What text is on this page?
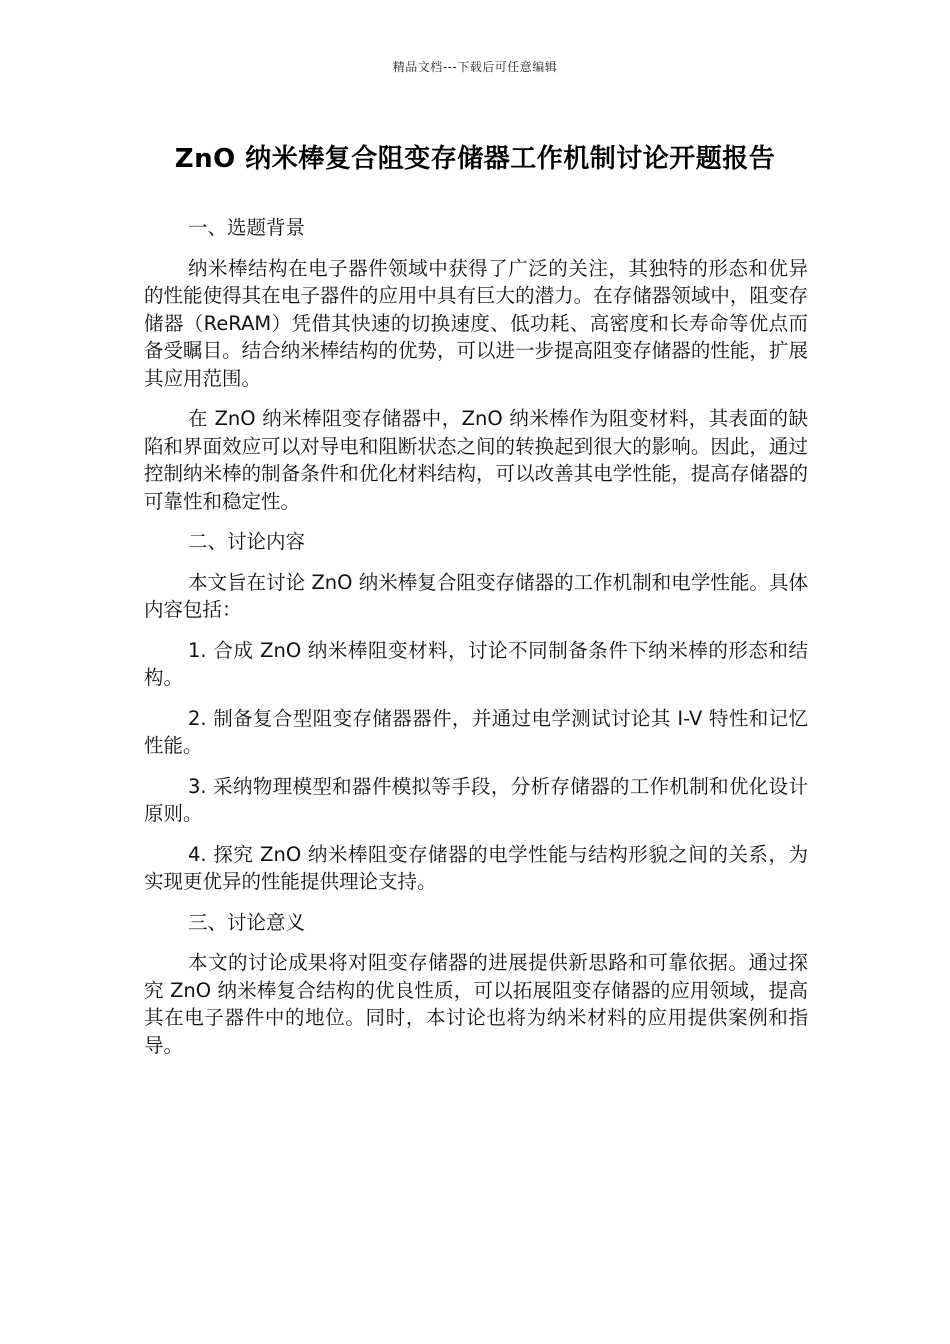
精品文档---下载后可任意编辑
ZnO 纳米棒复合阻变存储器工作机制讨论开题报告

一、选题背景

纳米棒结构在电子器件领域中获得了广泛的关注，其独特的形态和优异的性能使得其在电子器件的应用中具有巨大的潜力。在存储器领域中，阻变存储器（ReRAM）凭借其快速的切换速度、低功耗、高密度和长寿命等优点而备受瞩目。结合纳米棒结构的优势，可以进一步提高阻变存储器的性能，扩展其应用范围。

在 ZnO 纳米棒阻变存储器中，ZnO 纳米棒作为阻变材料，其表面的缺陷和界面效应可以对导电和阻断状态之间的转换起到很大的影响。因此，通过控制纳米棒的制备条件和优化材料结构，可以改善其电学性能，提高存储器的可靠性和稳定性。

二、讨论内容

本文旨在讨论 ZnO 纳米棒复合阻变存储器的工作机制和电学性能。具体内容包括：

1. 合成 ZnO 纳米棒阻变材料，讨论不同制备条件下纳米棒的形态和结构。

2. 制备复合型阻变存储器器件，并通过电学测试讨论其 I-V 特性和记忆性能。

3. 采纳物理模型和器件模拟等手段，分析存储器的工作机制和优化设计原则。

4. 探究 ZnO 纳米棒阻变存储器的电学性能与结构形貌之间的关系，为实现更优异的性能提供理论支持。

三、讨论意义

本文的讨论成果将对阻变存储器的进展提供新思路和可靠依据。通过探究 ZnO 纳米棒复合结构的优良性质，可以拓展阻变存储器的应用领域，提高其在电子器件中的地位。同时，本讨论也将为纳米材料的应用提供案例和指导。
